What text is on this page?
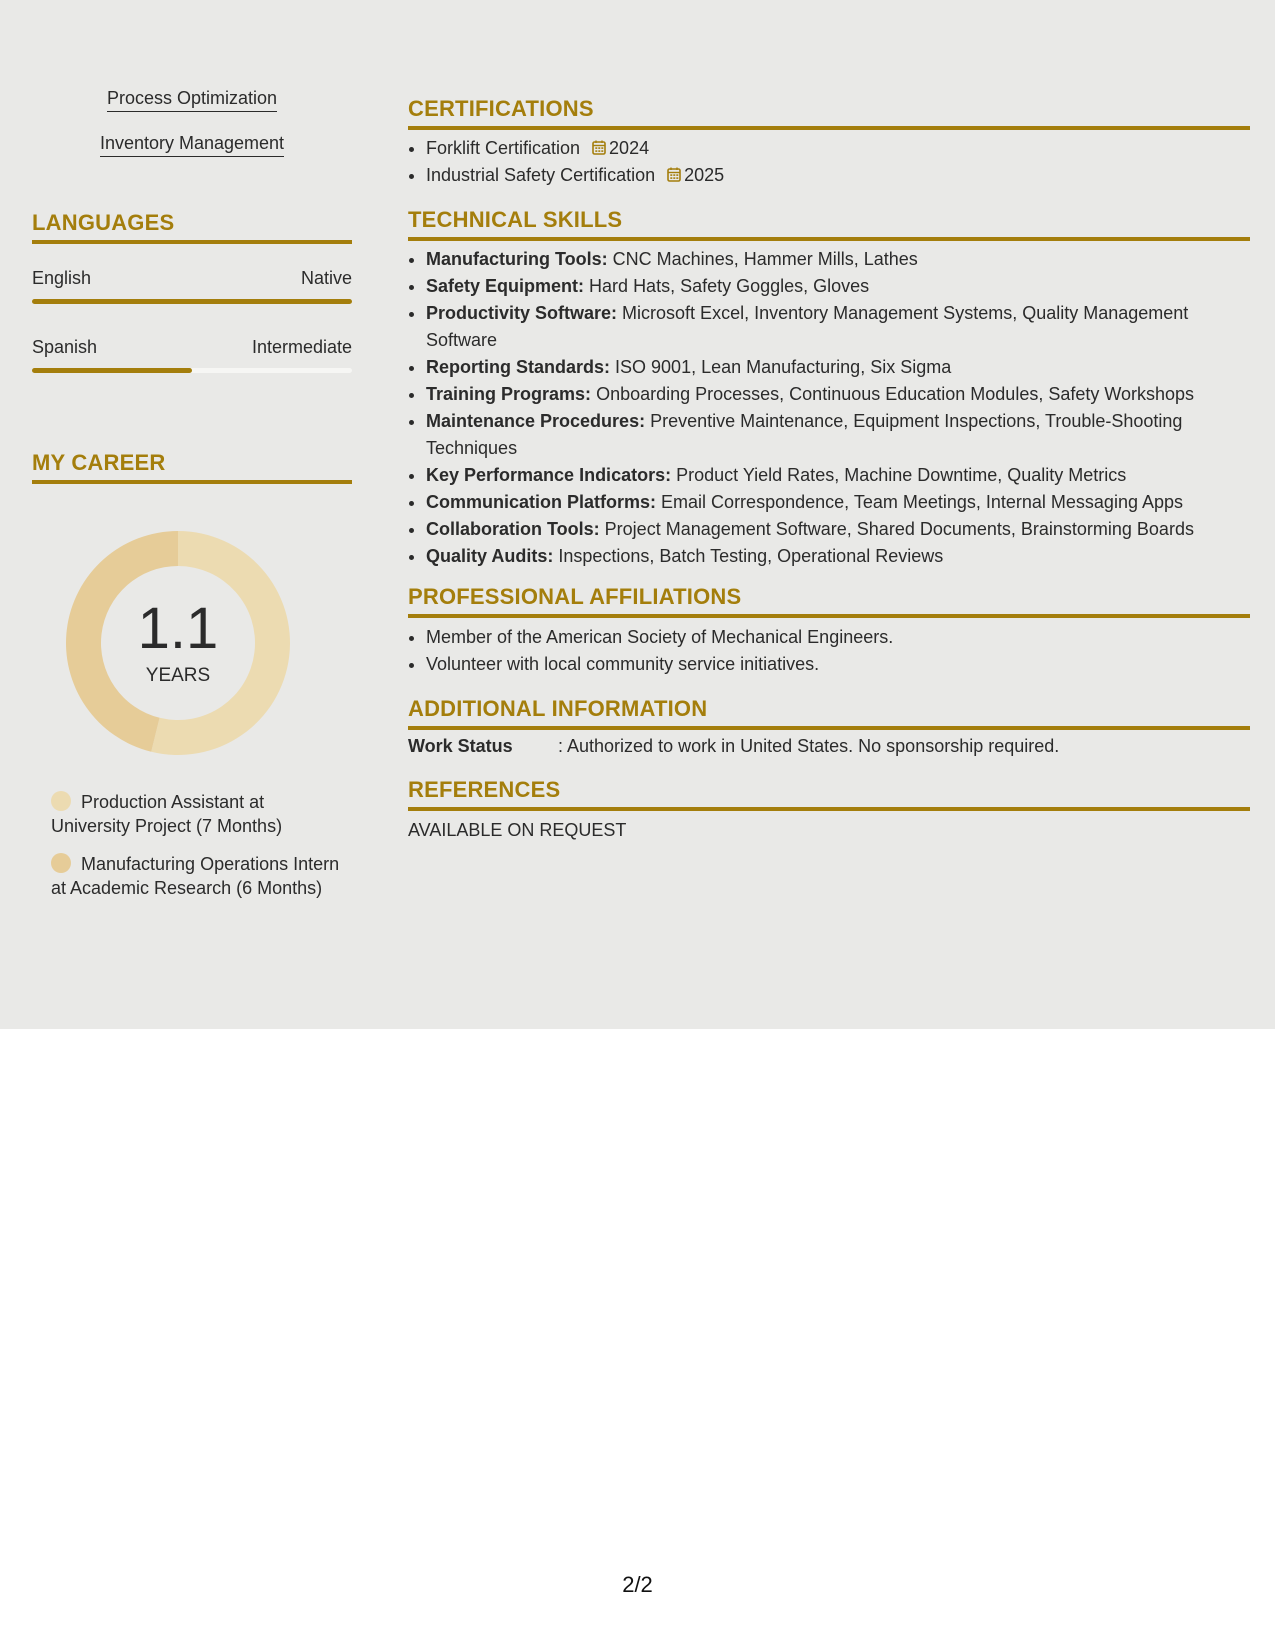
Process Optimization
Inventory Management
LANGUAGES
English	Native
Spanish	Intermediate
MY CAREER
1.1
YEARS
Production Assistant at University Project (7 Months)
Manufacturing Operations Intern at Academic Research (6 Months)
CERTIFICATIONS
• Forklift Certification 2024
• Industrial Safety Certification 2025
TECHNICAL SKILLS
• Manufacturing Tools: CNC Machines, Hammer Mills, Lathes
• Safety Equipment: Hard Hats, Safety Goggles, Gloves
• Productivity Software: Microsoft Excel, Inventory Management Systems, Quality Management Software
• Reporting Standards: ISO 9001, Lean Manufacturing, Six Sigma
• Training Programs: Onboarding Processes, Continuous Education Modules, Safety Workshops
• Maintenance Procedures: Preventive Maintenance, Equipment Inspections, Trouble-Shooting Techniques
• Key Performance Indicators: Product Yield Rates, Machine Downtime, Quality Metrics
• Communication Platforms: Email Correspondence, Team Meetings, Internal Messaging Apps
• Collaboration Tools: Project Management Software, Shared Documents, Brainstorming Boards
• Quality Audits: Inspections, Batch Testing, Operational Reviews
PROFESSIONAL AFFILIATIONS
• Member of the American Society of Mechanical Engineers.
• Volunteer with local community service initiatives.
ADDITIONAL INFORMATION
Work Status	: Authorized to work in United States. No sponsorship required.
REFERENCES
AVAILABLE ON REQUEST
2/2
